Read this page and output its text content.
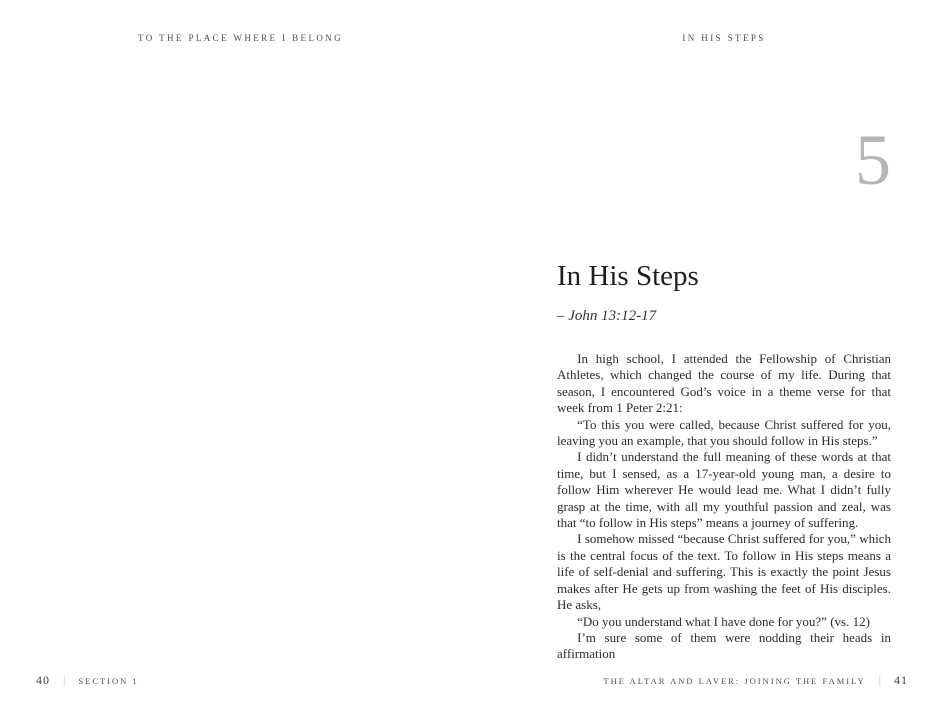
TO THE PLACE WHERE I BELONG
40 | SECTION 1
IN HIS STEPS
5
In His Steps
– John 13:12-17

In high school, I attended the Fellowship of Christian Athletes, which changed the course of my life. During that season, I encountered God’s voice in a theme verse for that week from 1 Peter 2:21:

“To this you were called, because Christ suffered for you, leaving you an example, that you should follow in His steps.”

I didn’t understand the full meaning of these words at that time, but I sensed, as a 17-year-old young man, a desire to follow Him wherever He would lead me. What I didn’t fully grasp at the time, with all my youthful passion and zeal, was that “to follow in His steps” means a journey of suffering.

I somehow missed “because Christ suffered for you,” which is the central focus of the text. To follow in His steps means a life of self-denial and suffering. This is exactly the point Jesus makes after He gets up from washing the feet of His disciples. He asks,

“Do you understand what I have done for you?” (vs. 12)

I’m sure some of them were nodding their heads in affirmation

THE ALTAR AND LAVER: JOINING THE FAMILY | 41
